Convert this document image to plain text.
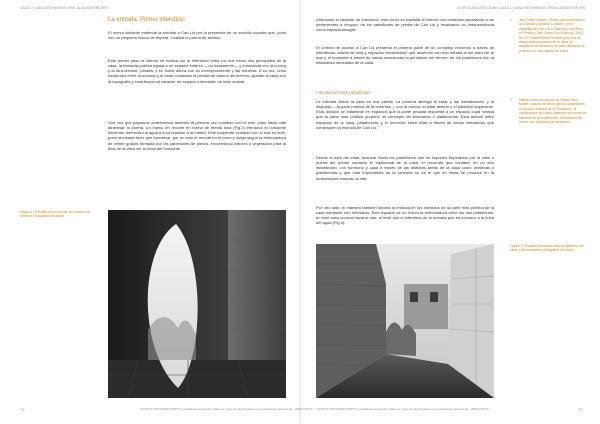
CASA 1 | CASA SITEI NINHOS LERIT ALOA KARTINE ERO
La entrada: Primer intersticio

El nuevo visitante entiende la entrada a Can Lis por la presencia de un sencillo soporte que, junto con un pequeño banco de espera, localiza la puerta de acceso.

Este primer paso al interior se realiza por el intersticio entre los dos estos dos principales de la casa: la estancia pública ligada a un espacio exterior —un basamento— y conectada con la cocina y la otra terraza, privada, y en doble altura con su correspondiente y las troneras. A su vez, unos escalones entre la entrada y el estar continúan la pendiente natural del terreno, ajustan la casa con la topografía y contribuyen al carácter de espacio intermedio de este umbral.

Una vez que pasamos observamos también la primera vez contacto con el mar, pues nada más atravesar la puerta, un hueco en recorte en forma de media luna (Fig.2) enmarca el horizonte haciendo referencia al agua y a su relación a la marea. Este incipiente contacto con el mar es leve, pues la mirada tiene que enmarcar, por un lado el recorte en el muro y luego seguir la embocadura de veinte grados formada por los pabellones de piedra, encontrando árboles y vegetación para al final de la vista ver la línea del horizonte.

Figura 2 | Entrada con el recorte en media luna del muro (fotografía del autor).

VIVIR LA ARQUITECTURA | La arquitectura de Jørn Utzon en Can Lis. El intersticio como elemento proyectual · ISBN 978-84
72
VIVIR LA ARQUITECTURA | CASA 1 | CASA SITEI NINHOS LERI ALOA KARTINE ERO

Afirmando el carácter de intersticio, este muro se traslada al interior con cerámica separando a los pertenientes a ninguno de los pabellones de piedra de Can Lis y mostrando su independencia como espacio bisagra.

El umbral de acceso a Can Lis presenta el primera parte de un complejo recorrido a través de intersticios, salvos de cota y espacios intermedios¹ que ascendió con una mirada al sur para ver el mar y el horizonte a través de varias sucesiones la pendiente del terreno de los pabellones con la naturaleza inmediata de la casa.

Intersticios entre pabellones

La entrada divide la casa en dos partes. La primera alberga el estar y las habitaciones, y la segunda —la parte pública de la vivienda—, con la cocina, el estar abierto y el pabellón adyacente. Esta división se establece en espacios que la parte privada responde a un espacio cuya mirada que la parte más pública propone un concepto de tenedores o plataformas. Esta ambos entre espacios de la casa, plataformas y el recorrido entre ellas a través de varios intersticios que constituyen la esencia de Can Lis.

Desde el sofá del estar, avanzar hacia los pabellones que se suponen superados por la calle o puerta del primer contacto el tradicional de la casa, el recorrido que contaba, en un año establecido, con tumbona y casa a través de las distintas áreas de la casa como ventanas y plataformas y que más importantes de la vivienda no es el que en estas se produce en la embocadura mirando al mar.

Por otro lado, el maestro también separa la entrada en los dominios de la parte más pública de la casa mediante otro intersticio. Este espacio de un nuevo la embocadura entre los dos pabellones, en este caso conexa hacia el mar, al nivel que el intersticio de la entrada que es cóncavo a la línea del agua (Fig.3).

1 Jan Fisher Holmes, "Sobre Las escaleras de la Guardia y Ajurana" Lucilatro, en el complejo de Can Lis en Mallorca, Ana Ruiz en Pelzer y Jørn Utzon Cia: Edificios, 2010, 80-10. Rafael Moneo entrado (sin) con la casa cuñando cuando en la casa, el arquitecto la estructura de paso utilizando la posicion en una lugares se enfriá.
2 Hablan a ello sin acento de Henrik Sten Møller, coautor del texto para los pabellones en la tesis doctoral de la Vindobona, la construcción de Utzon sustenta mucho en los estudios de la Arquitectura, la Estrutura de Utzon, con la fiducia de ocupación.

Figura 3 | Espacio intersticial entre el pabellón del estar y los dormitorios (fotografía del autor).

VIVIR LA ARQUITECTURA | La arquitectura de Jørn Utzon en Can Lis. El intersticio como elemento proyectual · ISBN 978-84	73
